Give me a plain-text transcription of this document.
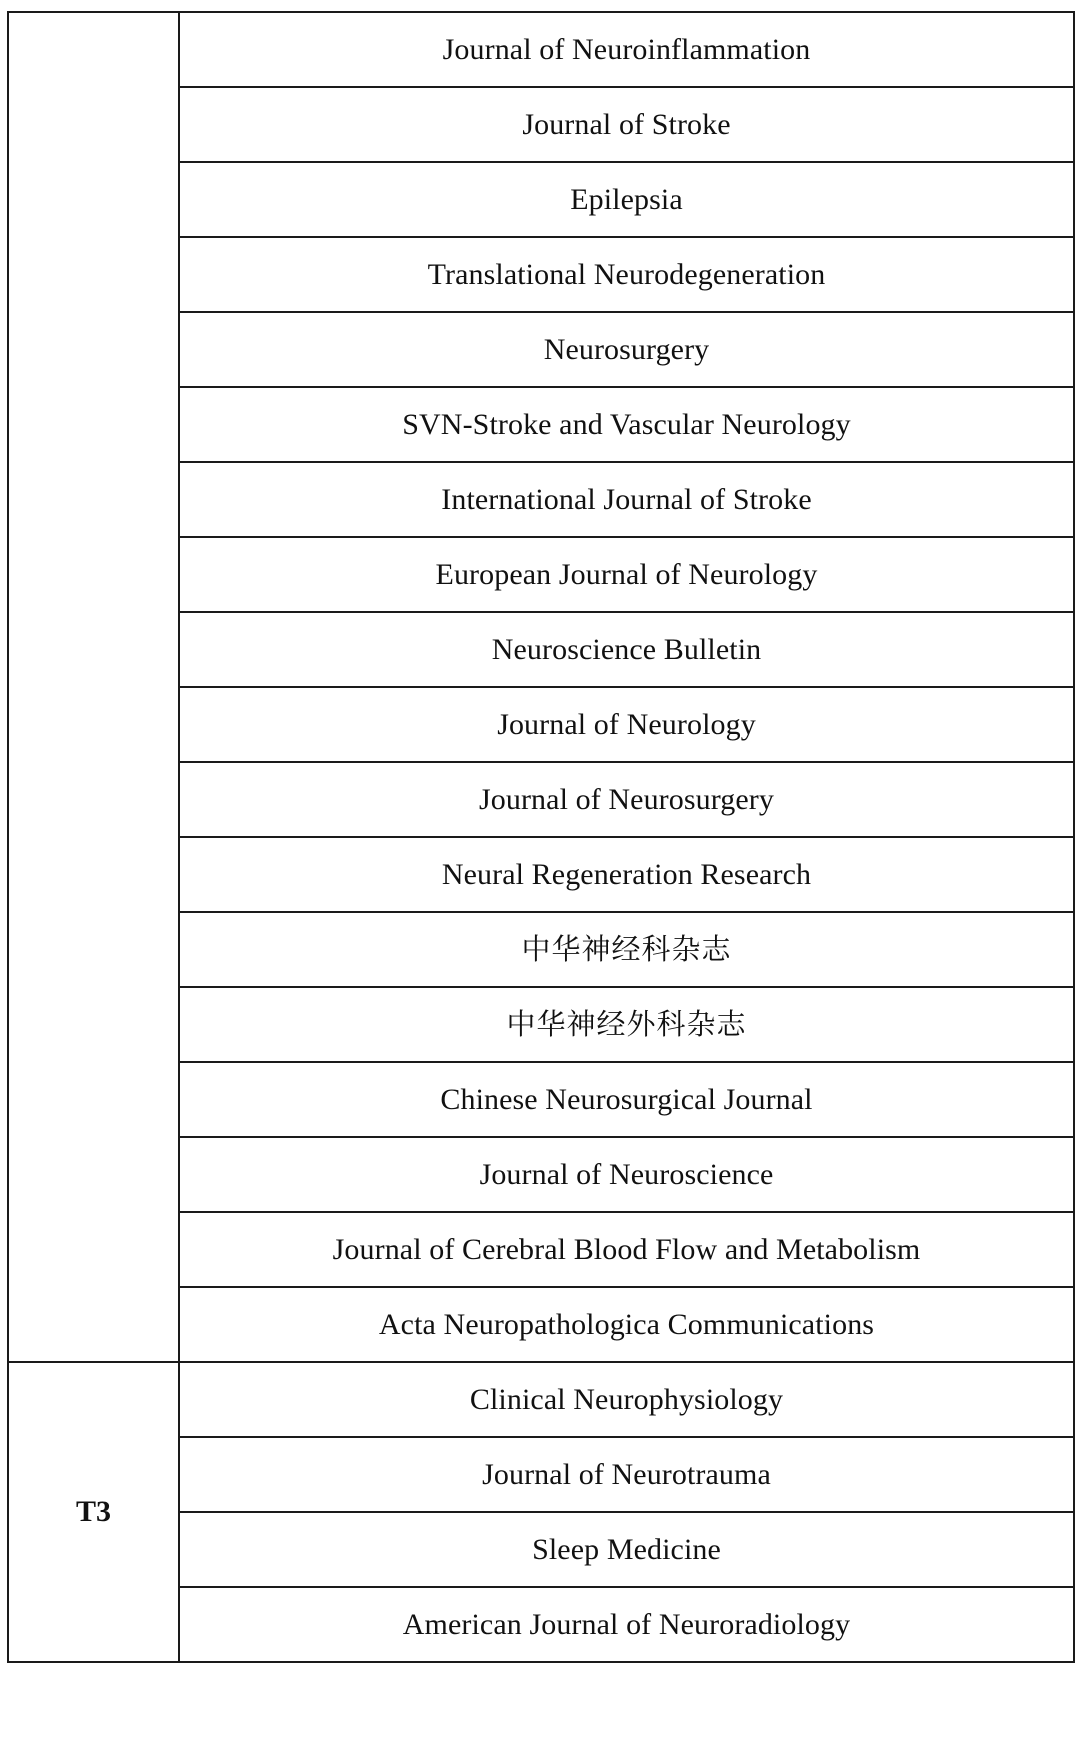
	Journal of Neuroinflammation
	Journal of Stroke
	Epilepsia
	Translational Neurodegeneration
	Neurosurgery
	SVN-Stroke and Vascular Neurology
	International Journal of Stroke
	European Journal of Neurology
	Neuroscience Bulletin
	Journal of Neurology
	Journal of Neurosurgery
	Neural Regeneration Research
	中华神经科杂志
	中华神经外科杂志
	Chinese Neurosurgical Journal
	Journal of Neuroscience
	Journal of Cerebral Blood Flow and Metabolism
	Acta Neuropathologica Communications
T3	Clinical Neurophysiology
	Journal of Neurotrauma
	Sleep Medicine
	American Journal of Neuroradiology
